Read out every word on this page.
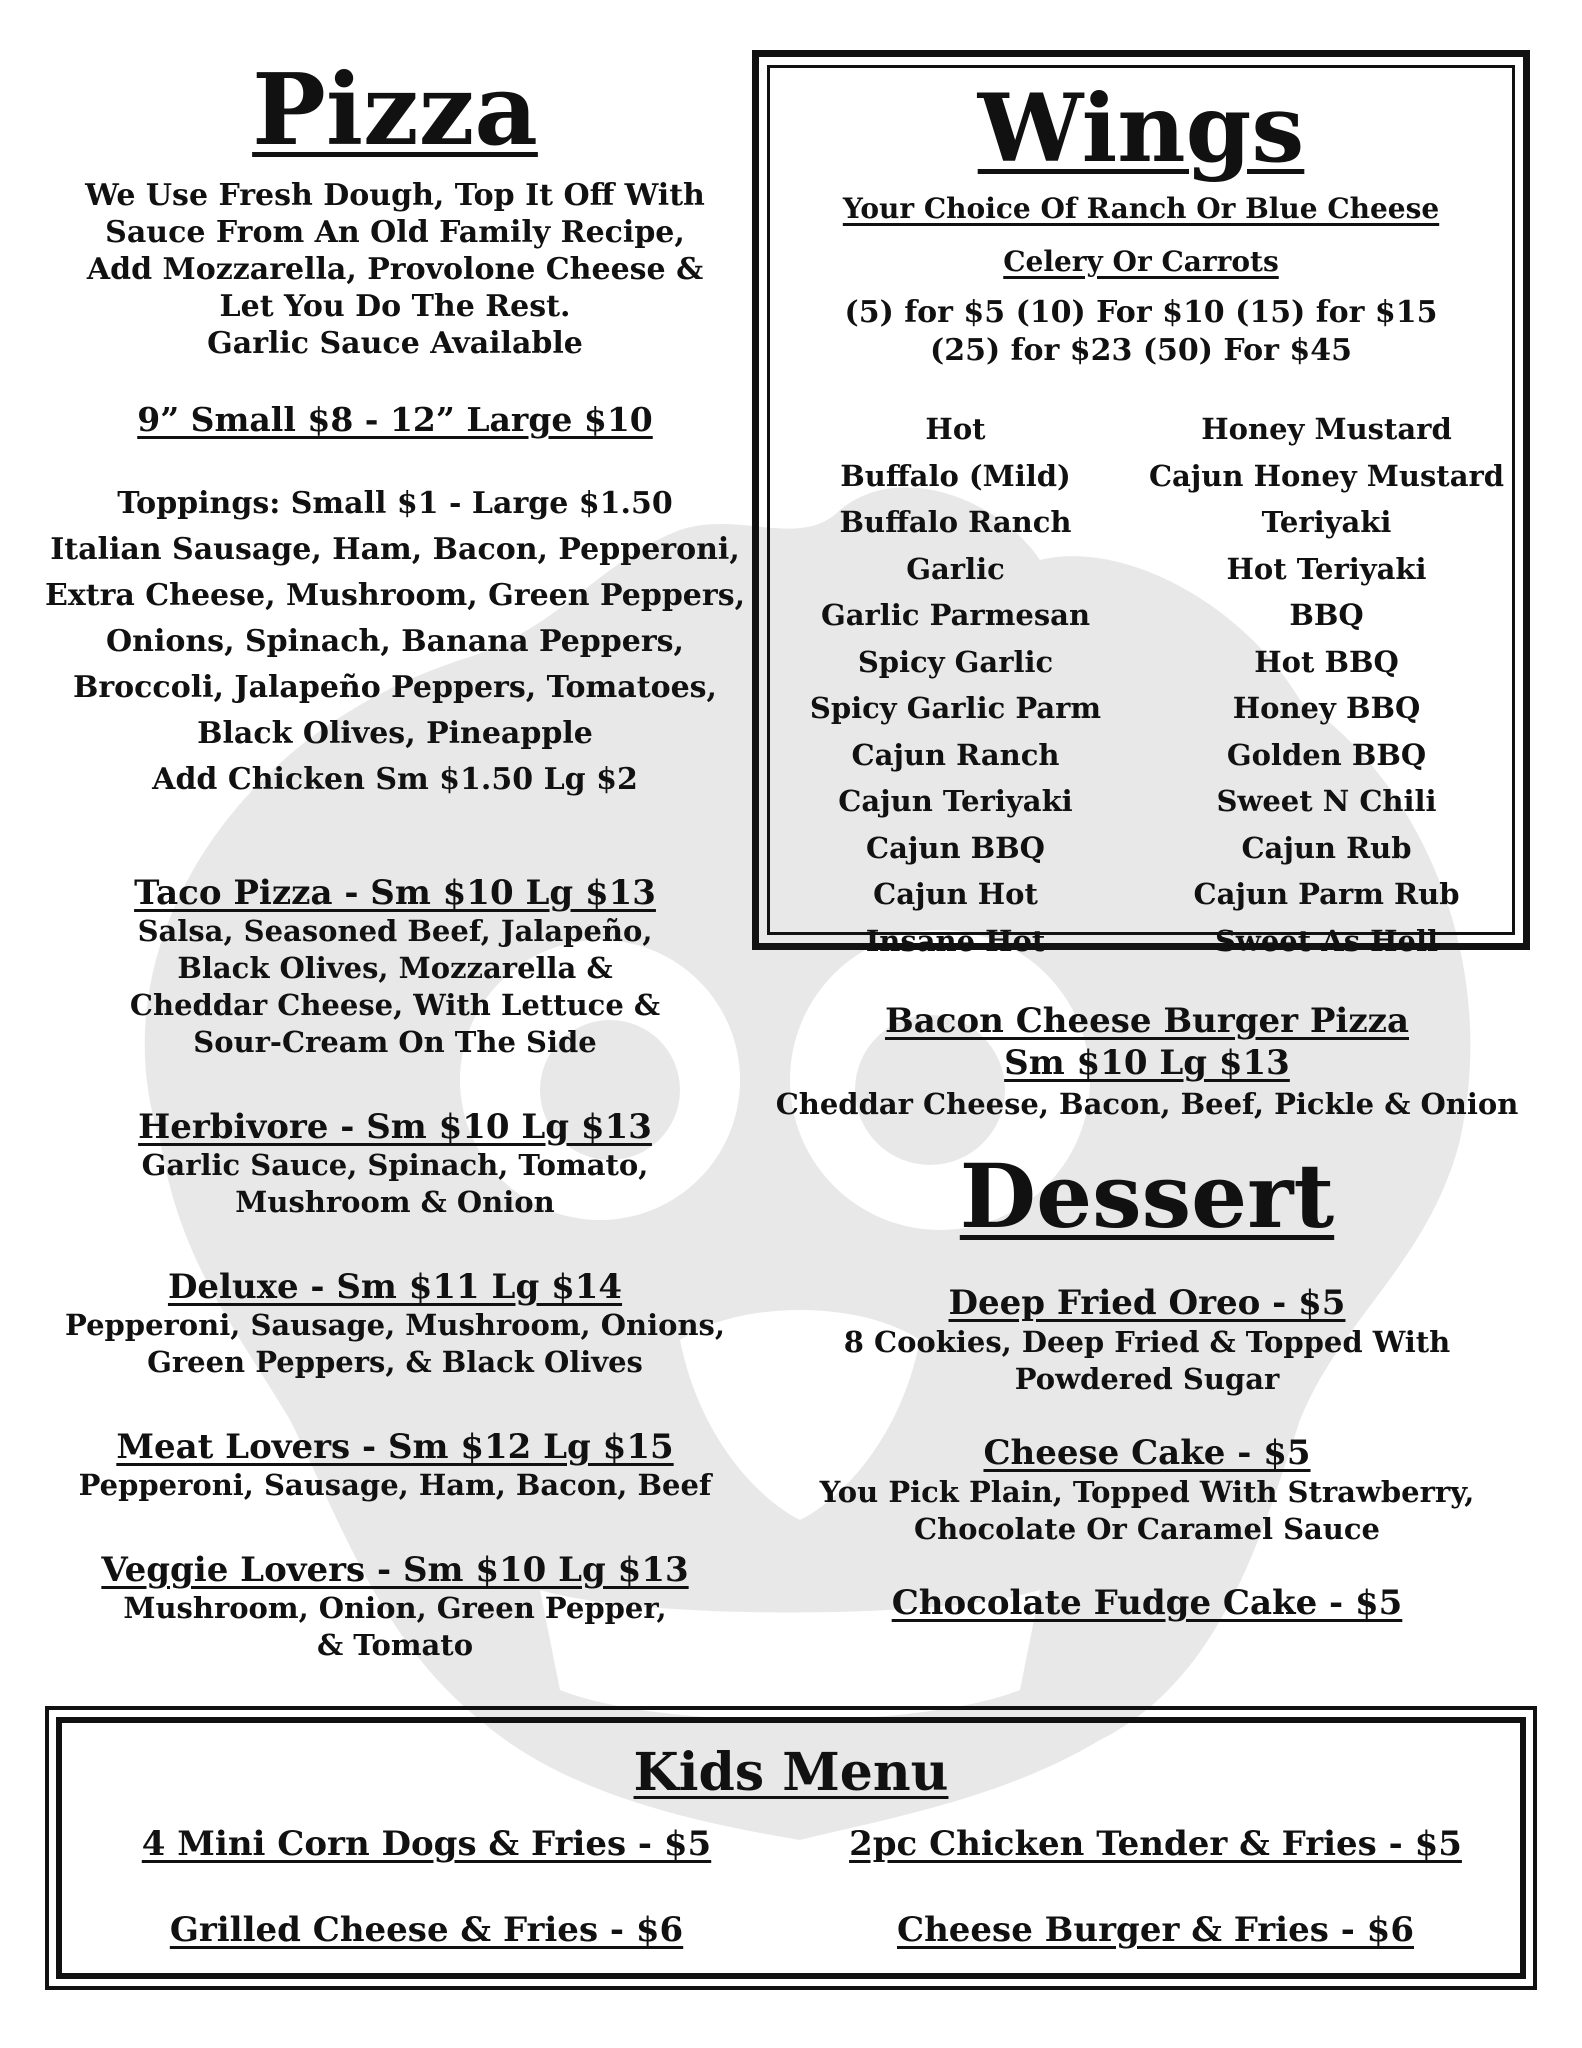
Pizza
We Use Fresh Dough, Top It Off With
Sauce From An Old Family Recipe,
Add Mozzarella, Provolone Cheese &
Let You Do The Rest.
Garlic Sauce Available
9” Small $8 - 12” Large $10
Toppings: Small $1 - Large $1.50
Italian Sausage, Ham, Bacon, Pepperoni,
Extra Cheese, Mushroom, Green Peppers,
Onions, Spinach, Banana Peppers,
Broccoli, Jalapeño Peppers, Tomatoes,
Black Olives, Pineapple
Add Chicken Sm $1.50 Lg $2
Taco Pizza - Sm $10 Lg $13
Salsa, Seasoned Beef, Jalapeño,
Black Olives, Mozzarella &
Cheddar Cheese, With Lettuce &
Sour-Cream On The Side
Herbivore - Sm $10 Lg $13
Garlic Sauce, Spinach, Tomato,
Mushroom & Onion
Deluxe - Sm $11 Lg $14
Pepperoni, Sausage, Mushroom, Onions,
Green Peppers, & Black Olives
Meat Lovers - Sm $12 Lg $15
Pepperoni, Sausage, Ham, Bacon, Beef
Veggie Lovers - Sm $10 Lg $13
Mushroom, Onion, Green Pepper,
& Tomato
Wings
Your Choice Of Ranch Or Blue Cheese
Celery Or Carrots
(5) for $5 (10) For $10 (15) for $15
(25) for $23 (50) For $45
Hot
Buffalo (Mild)
Buffalo Ranch
Garlic
Garlic Parmesan
Spicy Garlic
Spicy Garlic Parm
Cajun Ranch
Cajun Teriyaki
Cajun BBQ
Cajun Hot
Insane Hot
Honey Mustard
Cajun Honey Mustard
Teriyaki
Hot Teriyaki
BBQ
Hot BBQ
Honey BBQ
Golden BBQ
Sweet N Chili
Cajun Rub
Cajun Parm Rub
Sweet As Hell
Bacon Cheese Burger Pizza
Sm $10 Lg $13
Cheddar Cheese, Bacon, Beef, Pickle & Onion
Dessert
Deep Fried Oreo - $5
8 Cookies, Deep Fried & Topped With
Powdered Sugar
Cheese Cake - $5
You Pick Plain, Topped With Strawberry,
Chocolate Or Caramel Sauce
Chocolate Fudge Cake - $5
Kids Menu
4 Mini Corn Dogs & Fries - $5	2pc Chicken Tender & Fries - $5
Grilled Cheese & Fries - $6	Cheese Burger & Fries - $6
